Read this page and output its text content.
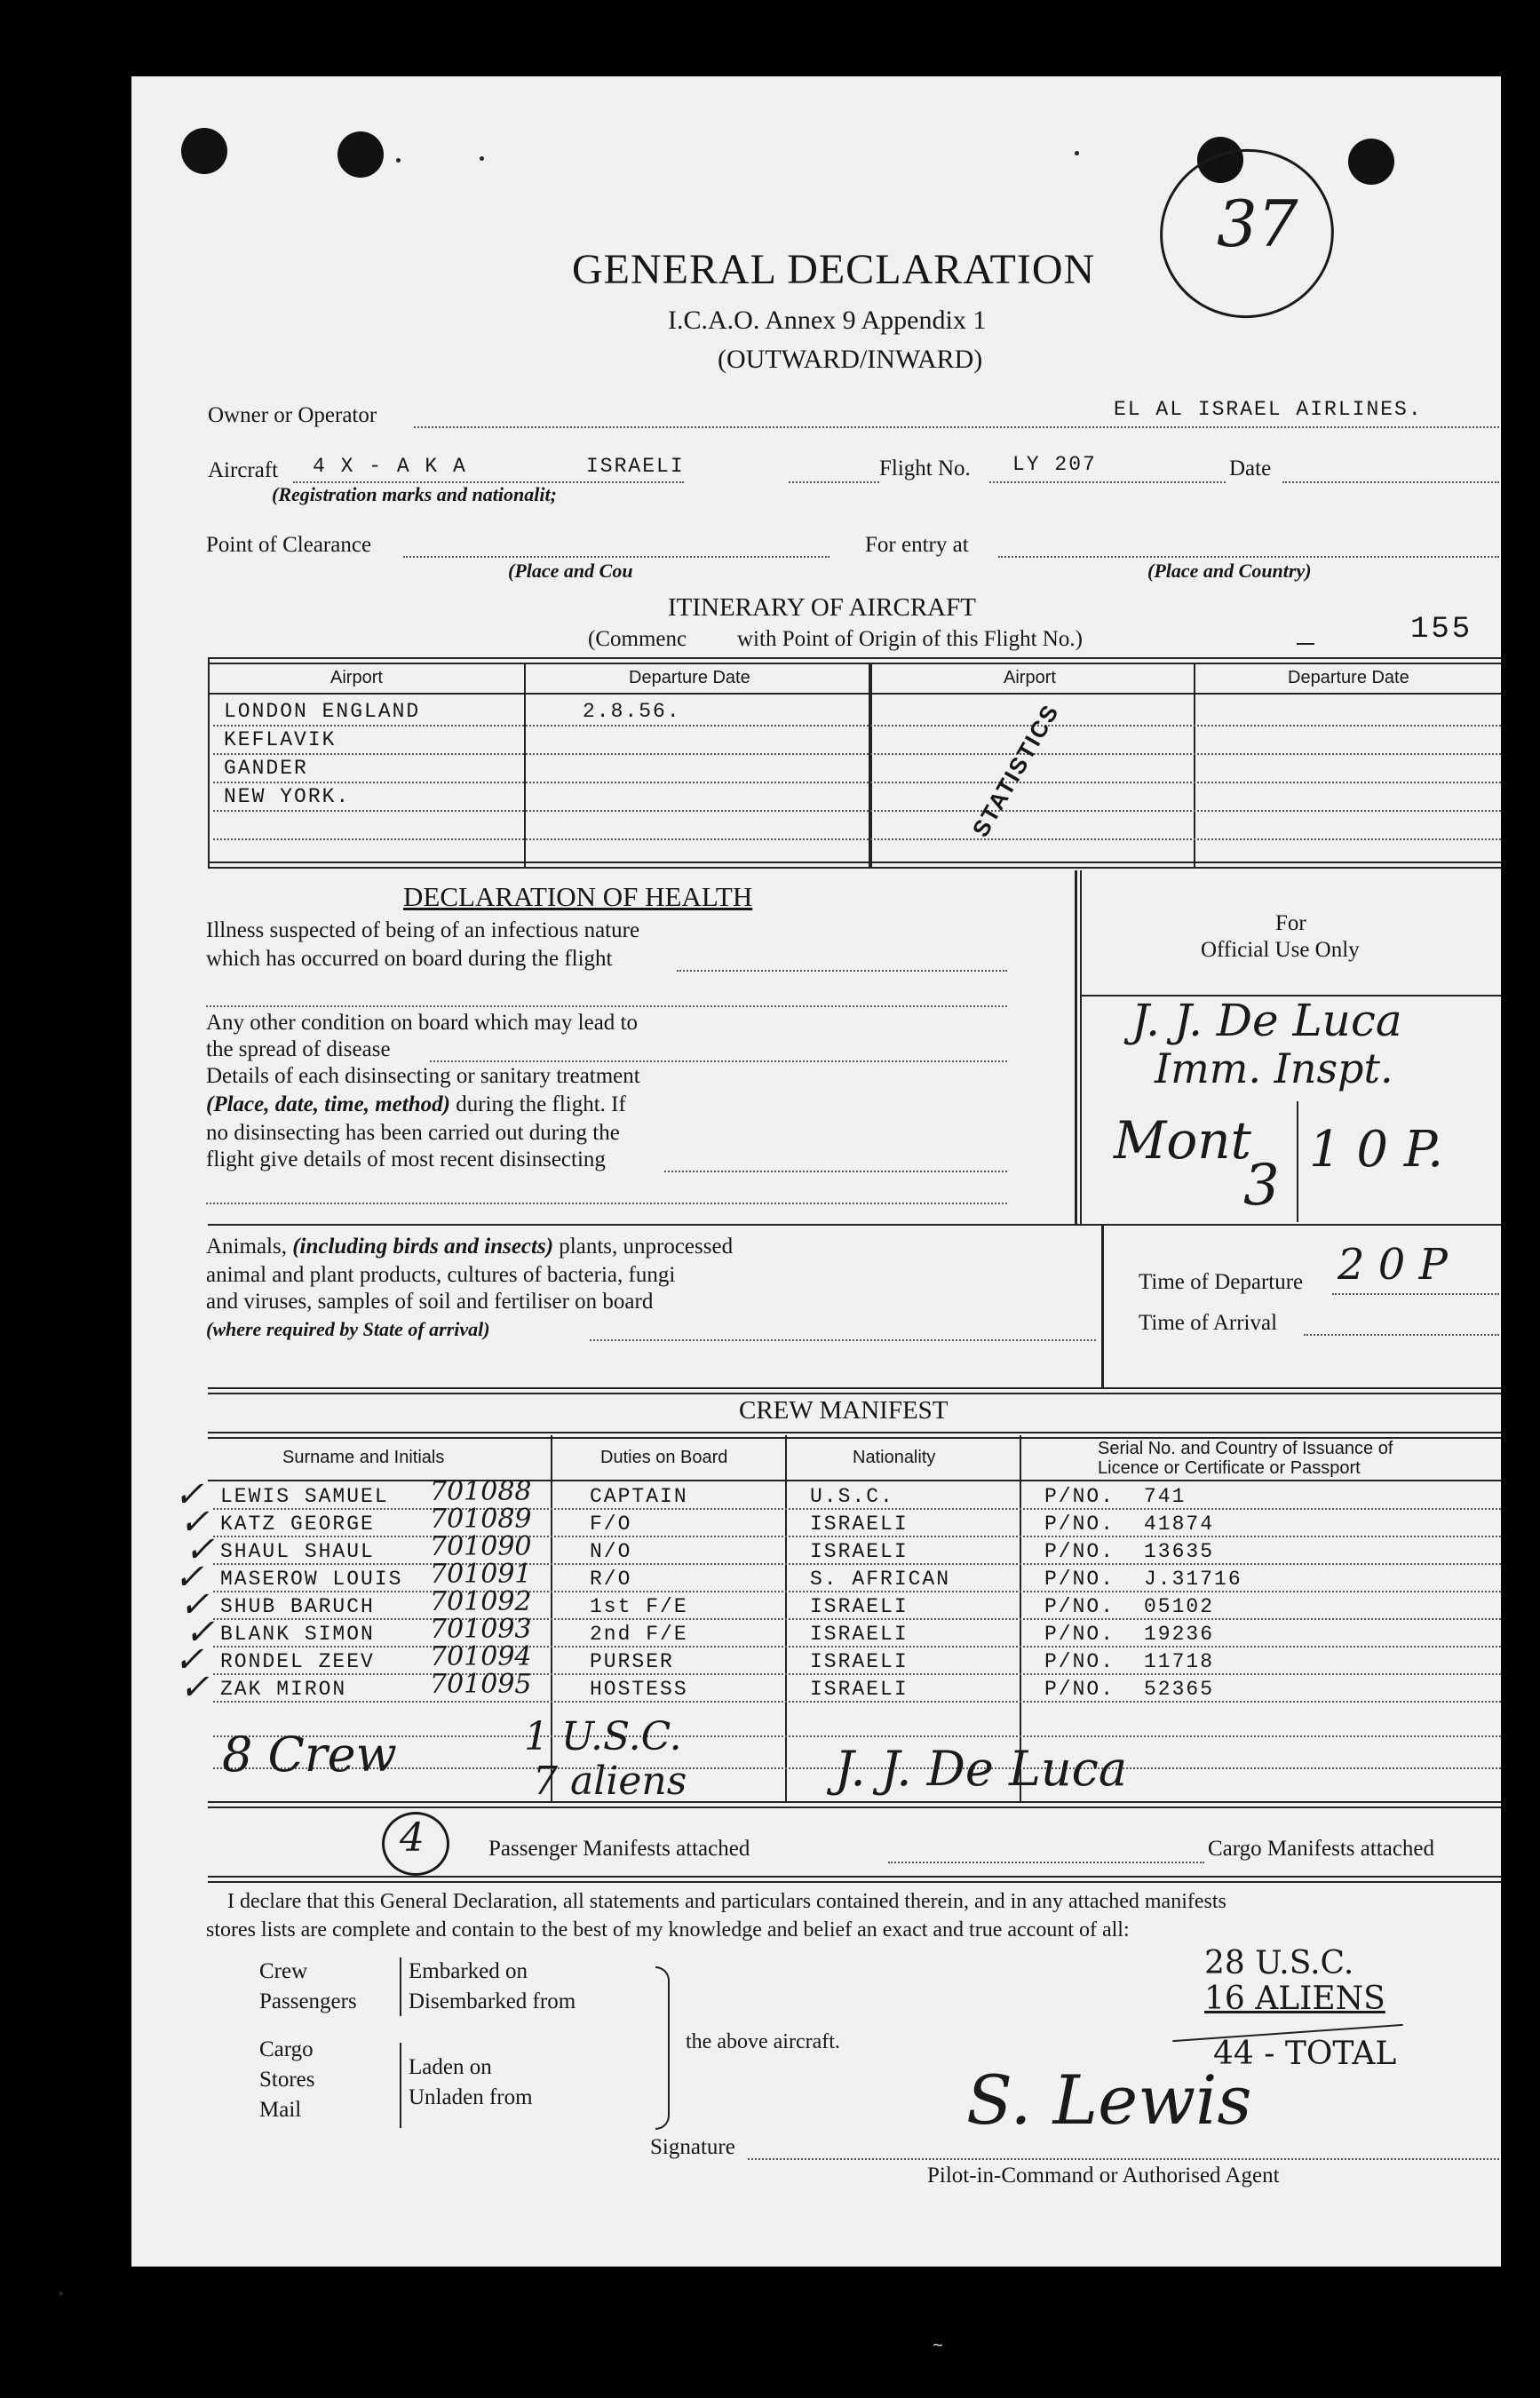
GENERAL DECLARATION
I.C.A.O. Annex 9 Appendix 1
(OUTWARD/INWARD)
37
Owner or Operator	EL AL ISRAEL AIRLINES.
Aircraft 4 X - A K A	ISRAELI
(Registration marks and nationalit;
Flight No. LY 207	Date
Point of Clearance
(Place and Cou
For entry at
(Place and Country)
ITINERARY OF AIRCRAFT
(Commenc with Point of Origin of this Flight No.)	155
Airport	Departure Date	Airport	Departure Date
LONDON ENGLAND	2.8.56.
KEFLAVIK
GANDER
NEW YORK.	STATISTICS
DECLARATION OF HEALTH
Illness suspected of being of an infectious nature
which has occurred on board during the flight
Any other condition on board which may lead to
the spread of disease
Details of each disinsecting or sanitary treatment
(Place, date, time, method) during the flight. If
no disinsecting has been carried out during the
flight give details of most recent disinsecting
For
Official Use Only
J. J. De Luca
Imm. Inspt.
Mont
3
1 0 P.
Animals, (including birds and insects) plants, unprocessed
animal and plant products, cultures of bacteria, fungi
and viruses, samples of soil and fertiliser on board
(where required by State of arrival)
Time of Departure 2 0 P
Time of Arrival
CREW MANIFEST
Surname and Initials	Duties on Board	Nationality	Serial No. and Country of Issuance of
Licence or Certificate or Passport
LEWIS SAMUEL 701088	CAPTAIN	U.S.C.	P/NO. 741
✓
KATZ GEORGE 701089	F/O	ISRAELI	P/NO. 41874
✓
SHAUL SHAUL 701090	N/O	ISRAELI	P/NO. 13635
✓
MASEROW LOUIS 701091	R/O	S. AFRICAN	P/NO. J.31716
✓
SHUB BARUCH 701092	1st F/E	ISRAELI	P/NO. 05102
✓
BLANK SIMON 701093	2nd F/E	ISRAELI	P/NO. 19236
✓
RONDEL ZEEV 701094	PURSER	ISRAELI	P/NO. 11718
✓
ZAK MIRON	701095	HOSTESS	ISRAELI	P/NO. 52365
✓
8 Crew	1 U.S.C.
7 aliens	J. J. De Luca
4	Passenger Manifests attached	Cargo Manifests attached
I declare that this General Declaration, all statements and particulars contained therein, and in any attached manifests
stores lists are complete and contain to the best of my knowledge and belief an exact and true account of all:
Crew
Passengers
Embarked on
Disembarked from
Cargo
Stores
Mail
Laden on
Unladen from
the above aircraft.
28 U.S.C.
16 ALIENS
44 - TOTAL
Signature
S. Lewis
Pilot-in-Command or Authorised Agent
~
